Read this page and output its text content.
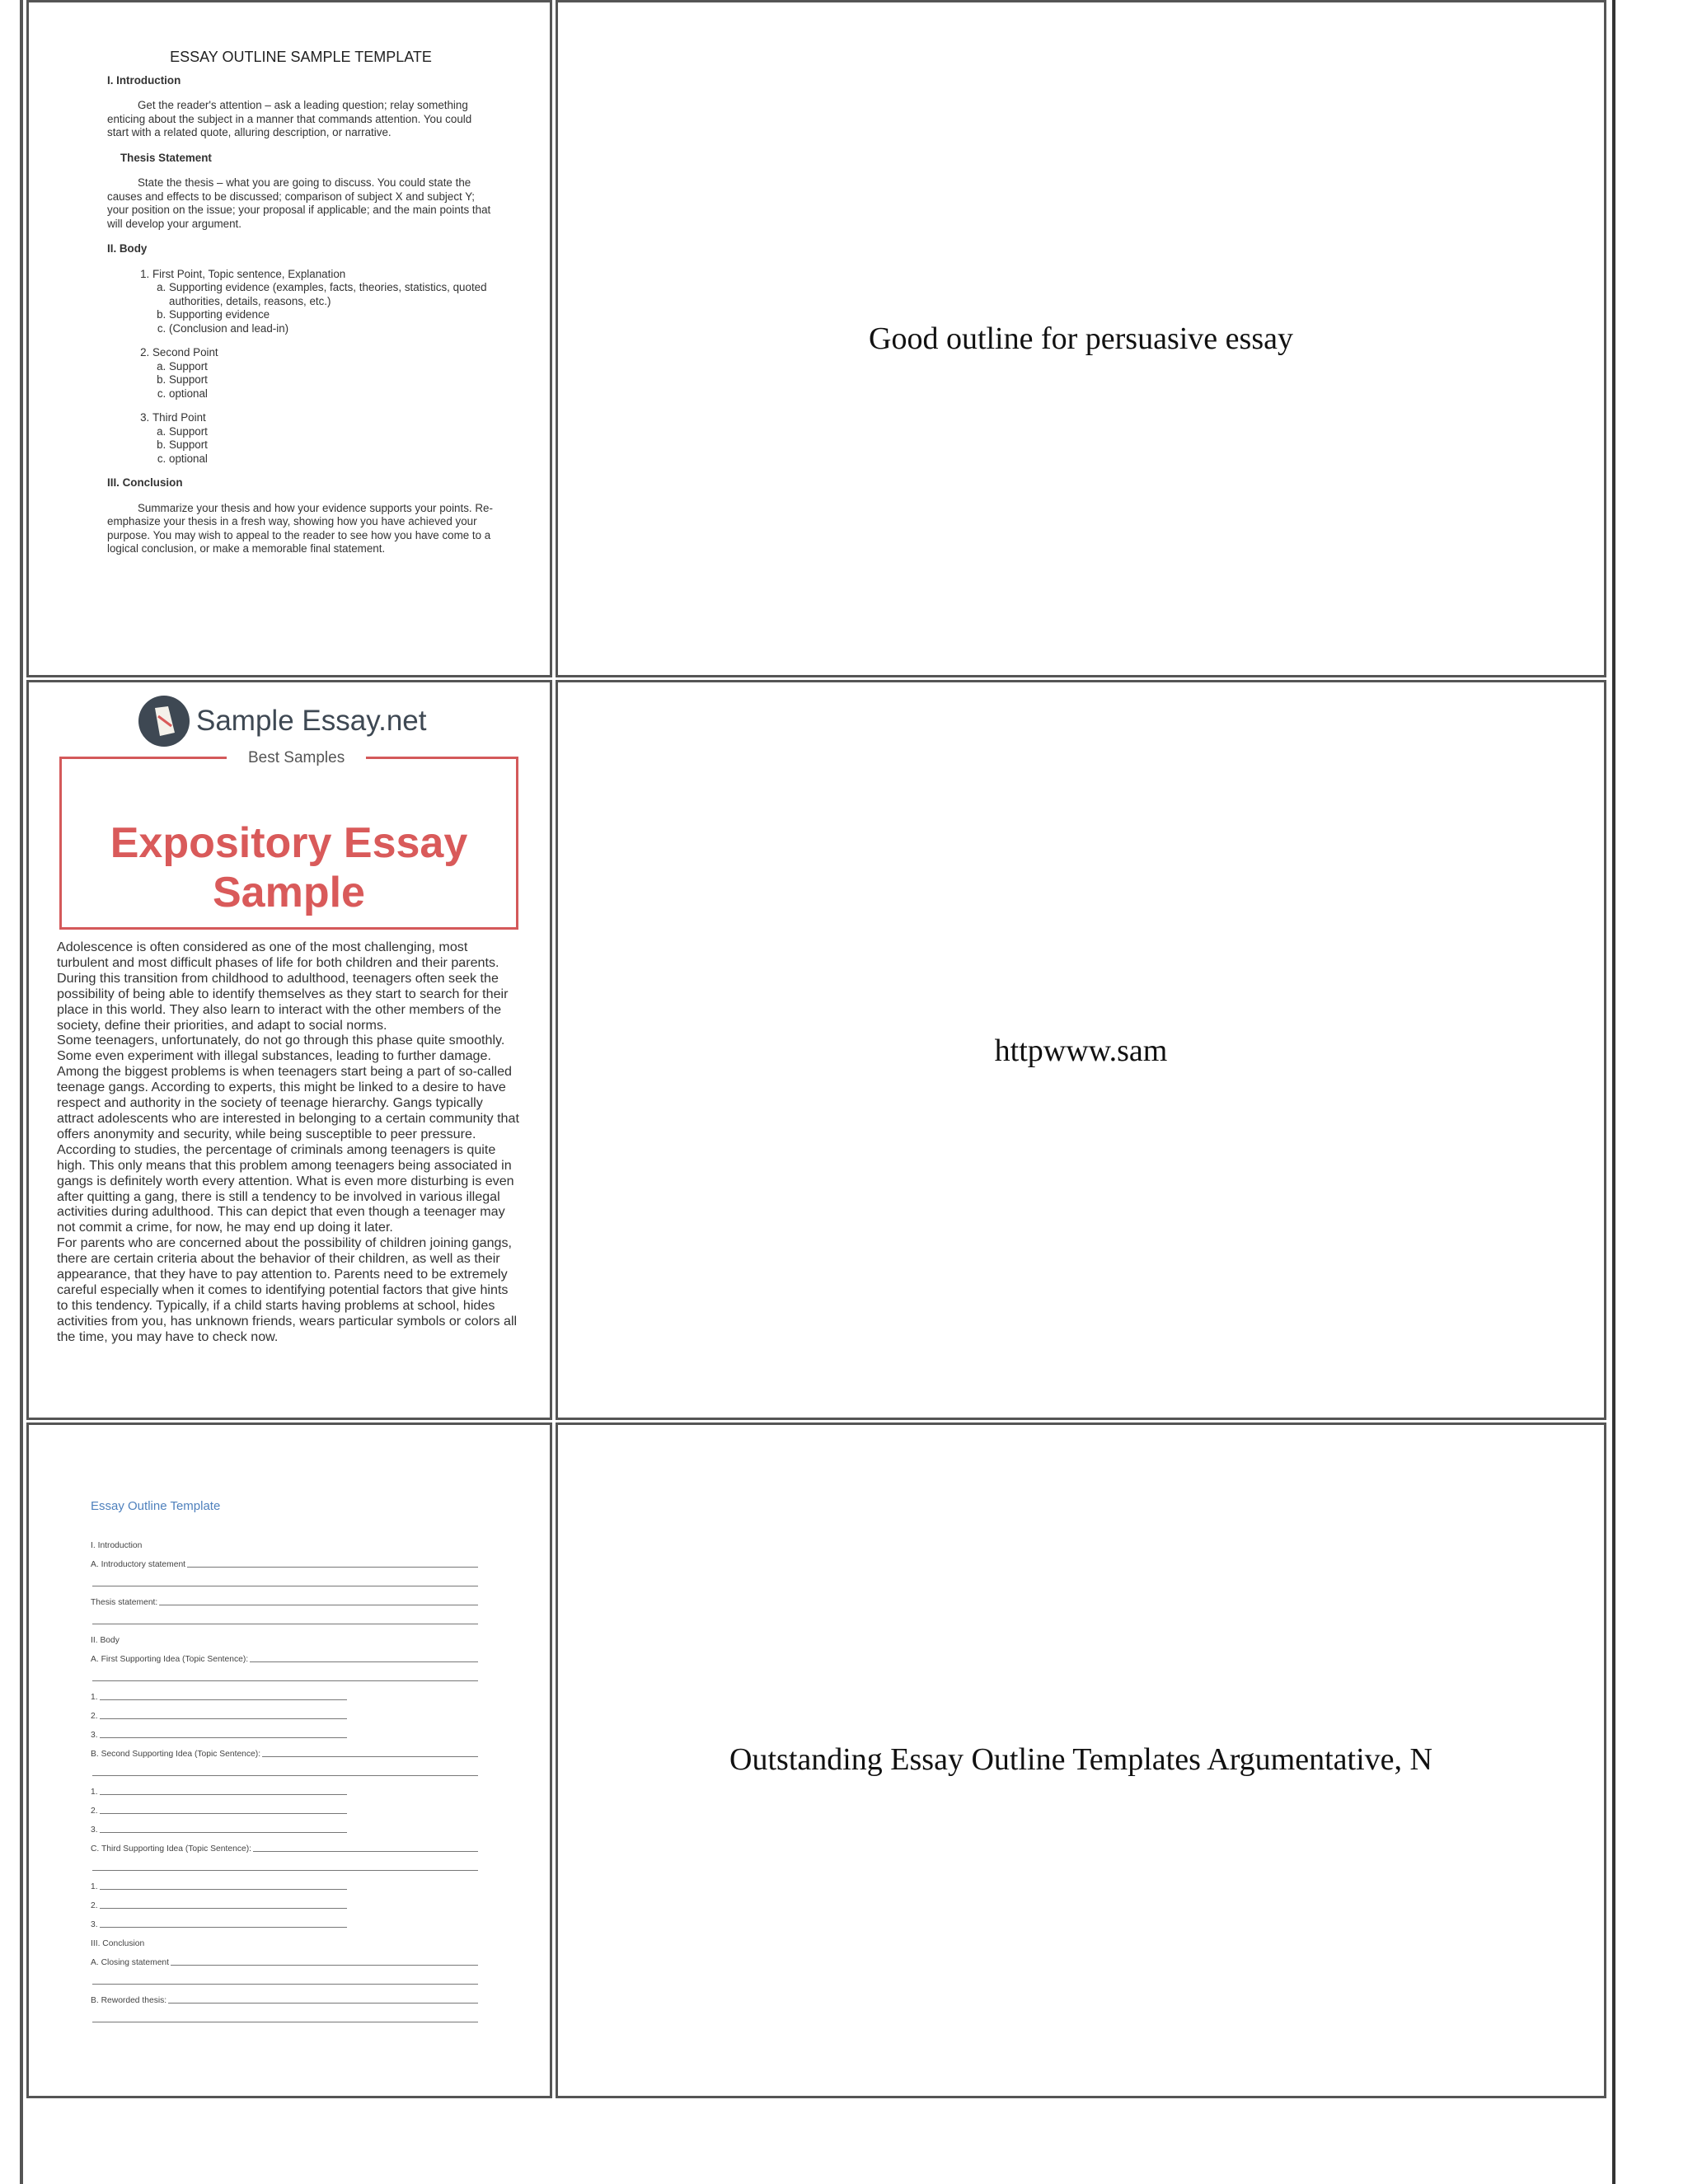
ESSAY OUTLINE SAMPLE TEMPLATE
I. Introduction
Get the reader's attention – ask a leading question; relay something enticing about the subject in a manner that commands attention. You could start with a related quote, alluring description, or narrative.
Thesis Statement
State the thesis – what you are going to discuss. You could state the causes and effects to be discussed; comparison of subject X and subject Y; your position on the issue; your proposal if applicable; and the main points that will develop your argument.
II. Body
1. First Point, Topic sentence, Explanation
a. Supporting evidence (examples, facts, theories, statistics, quoted authorities, details, reasons, etc.)
b. Supporting evidence
c. (Conclusion and lead-in)
2. Second Point
a. Support
b. Support
c. optional
3. Third Point
a. Support
b. Support
c. optional
III. Conclusion
Summarize your thesis and how your evidence supports your points. Re-emphasize your thesis in a fresh way, showing how you have achieved your purpose. You may wish to appeal to the reader to see how you have come to a logical conclusion, or make a memorable final statement.
Good outline for persuasive essay
Sample Essay.net
Best Samples
Expository Essay Sample

Adolescence is often considered as one of the most challenging, most turbulent and most difficult phases of life for both children and their parents. During this transition from childhood to adulthood, teenagers often seek the possibility of being able to identify themselves as they start to search for their place in this world. They also learn to interact with the other members of the society, define their priorities, and adapt to social norms.

Some teenagers, unfortunately, do not go through this phase quite smoothly. Some even experiment with illegal substances, leading to further damage. Among the biggest problems is when teenagers start being a part of so-called teenage gangs. According to experts, this might be linked to a desire to have respect and authority in the society of teenage hierarchy. Gangs typically attract adolescents who are interested in belonging to a certain community that offers anonymity and security, while being susceptible to peer pressure.

According to studies, the percentage of criminals among teenagers is quite high. This only means that this problem among teenagers being associated in gangs is definitely worth every attention. What is even more disturbing is even after quitting a gang, there is still a tendency to be involved in various illegal activities during adulthood. This can depict that even though a teenager may not commit a crime, for now, he may end up doing it later.

For parents who are concerned about the possibility of children joining gangs, there are certain criteria about the behavior of their children, as well as their appearance, that they have to pay attention to. Parents need to be extremely careful especially when it comes to identifying potential factors that give hints to this tendency. Typically, if a child starts having problems at school, hides activities from you, has unknown friends, wears particular symbols or colors all the time, you may have to check now.

httpwww.sam
Essay Outline Template
I. Introduction
A. Introductory statement
Thesis statement:
II. Body
A. First Supporting Idea (Topic Sentence):
1.
2.
3.
B. Second Supporting Idea (Topic Sentence):
1.
2.
3.
C. Third Supporting Idea (Topic Sentence):
1.
2.
3.
III. Conclusion
A. Closing statement
B. Reworded thesis:
Outstanding Essay Outline Templates Argumentative, N
